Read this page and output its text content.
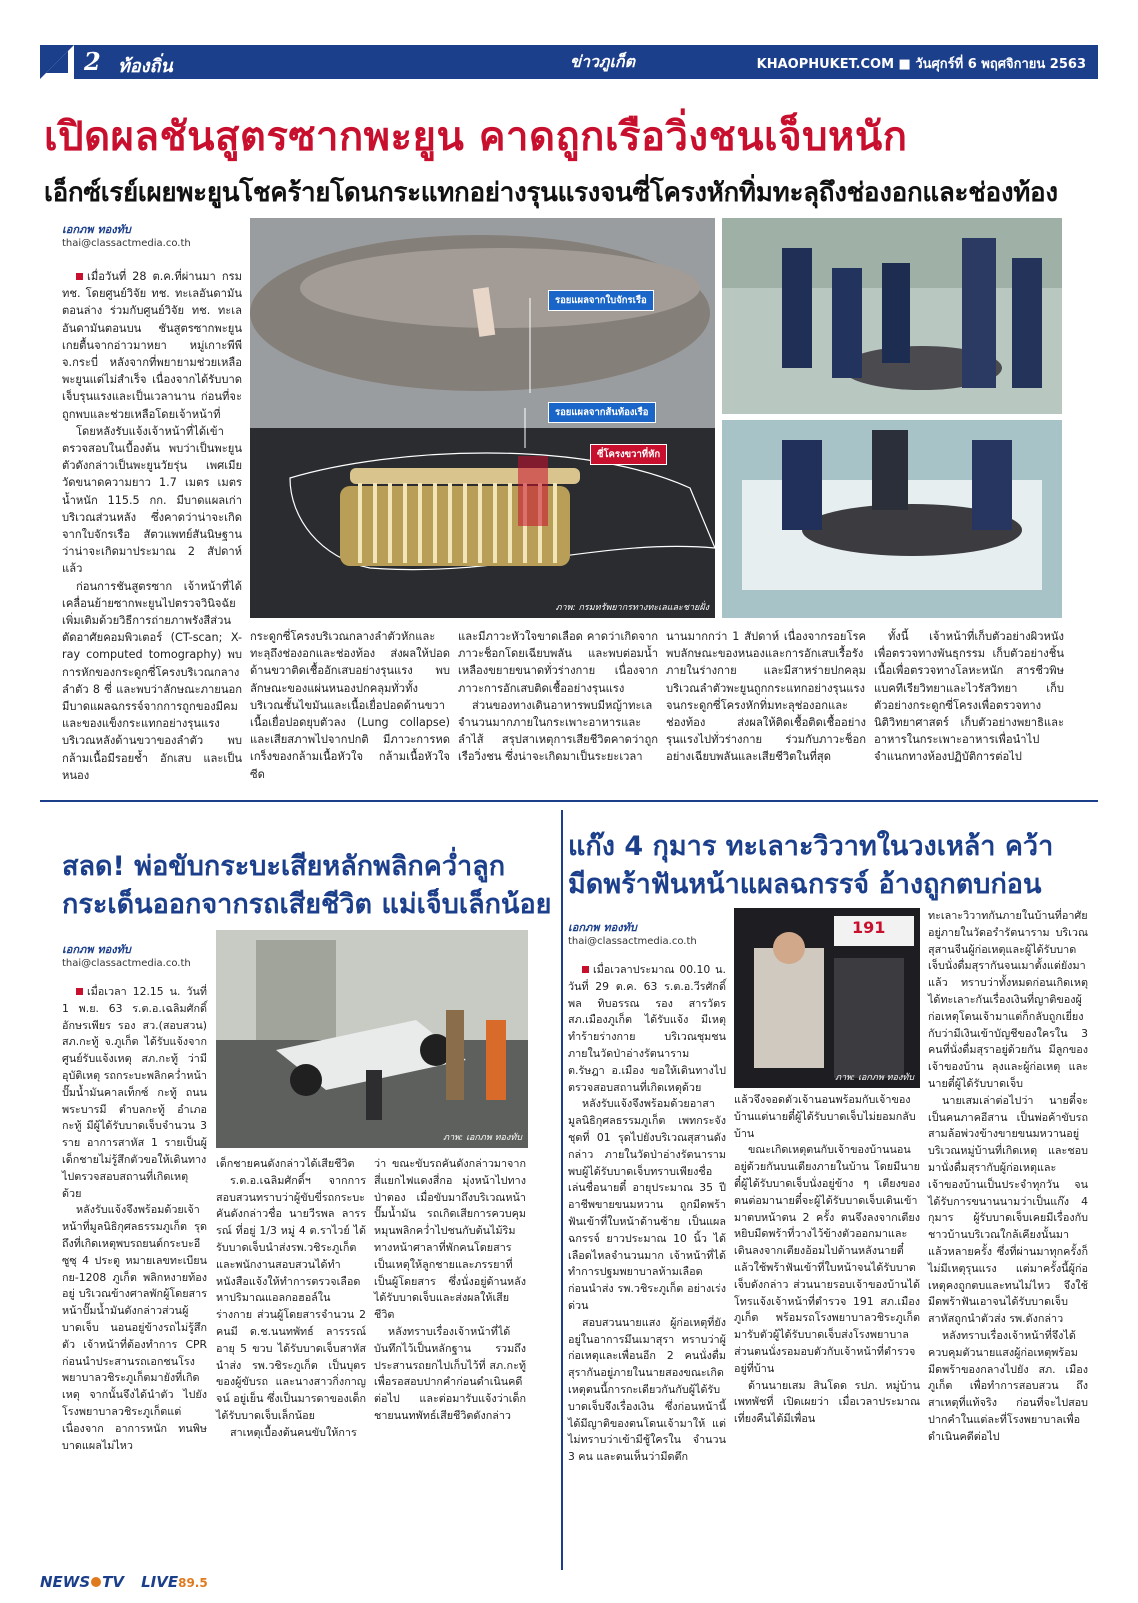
2 ท้องถิ่น	ข่าวภูเก็ต	KHAOPHUKET.COM ■ วันศุกร์ที่ 6 พฤศจิกายน 2563
เปิดผลชันสูตรซากพะยูน คาดถูกเรือวิ่งชนเจ็บหนัก
เอ็กซ์เรย์เผยพะยูนโชคร้ายโดนกระแทกอย่างรุนแรงจนซี่โครงหักทิ่มทะลุถึงช่องอกและช่องท้อง
เอกภพ ทองทับ
thai@classactmedia.co.th

เมื่อวันที่ 28 ต.ค.ที่ผ่านมา กรม ทช. โดยศูนย์วิจัย ทช. ทะเลอันดามันตอนล่าง ร่วมกับศูนย์วิจัย ทช. ทะเลอันดามันตอนบน ชันสูตรซากพะยูนเกยตื้นจากอ่าวมาหยา หมู่เกาะพีพี จ.กระบี่ หลังจากที่พยายามช่วยเหลือพะยูนแต่ไม่สำเร็จ เนื่องจากได้รับบาดเจ็บรุนแรงและเป็นเวลานาน ก่อนที่จะถูกพบและช่วยเหลือโดยเจ้าหน้าที่

โดยหลังรับแจ้งเจ้าหน้าที่ได้เข้าตรวจสอบในเบื้องต้น พบว่าเป็นพะยูนตัวดังกล่าวเป็นพะยูนวัยรุ่น เพศเมีย วัดขนาดความยาว 1.7 เมตร เมตร น้ำหนัก 115.5 กก. มีบาดแผลเก่าบริเวณส่วนหลัง ซึ่งคาดว่าน่าจะเกิดจากใบจักรเรือ สัตวแพทย์สันนิษฐานว่าน่าจะเกิดมาประมาณ 2 สัปดาห์แล้ว

ก่อนการชันสูตรซาก เจ้าหน้าที่ได้เคลื่อนย้ายซากพะยูนไปตรวจวินิจฉัยเพิ่มเติมด้วยวิธีการถ่ายภาพรังสีส่วนตัดอาศัยคอมพิวเตอร์ (CT-scan; X-ray computed tomography) พบการหักของกระดูกซี่โครงบริเวณกลางลำตัว 8 ซี่ และพบว่าลักษณะภายนอกมีบาดแผลฉกรรจ์จากการถูกของมีคมและของแข็งกระแทกอย่างรุนแรง บริเวณหลังด้านขวาของลำตัว พบกล้ามเนื้อมีรอยช้ำ อักเสบ และเป็นหนอง

รอยแผลจากใบจักรเรือ
รอยแผลจากส้นท้องเรือ
ซี่โครงขวาที่หัก
ภาพ: กรมทรัพยากรทางทะเลและชายฝั่ง

กระดูกซี่โครงบริเวณกลางลำตัวหักและทะลุถึงช่องอกและช่องท้อง ส่งผลให้ปอดด้านขวาติดเชื้ออักเสบอย่างรุนแรง พบลักษณะของแผ่นหนองปกคลุมทั่วทั้งบริเวณชั้นไขมันและเนื้อเยื่อปอดด้านขวาเนื้อเยื่อปอดยุบตัวลง (Lung collapse) และเสียสภาพไปจากปกติ มีภาวะการหดเกร็งของกล้ามเนื้อหัวใจ กล้ามเนื้อหัวใจซีด

และมีภาวะหัวใจขาดเลือด คาดว่าเกิดจากภาวะช็อกโดยเฉียบพลัน และพบต่อมน้ำเหลืองขยายขนาดทั่วร่างกาย เนื่องจากภาวะการอักเสบติดเชื้ออย่างรุนแรง

ส่วนของทางเดินอาหารพบมีหญ้าทะเลจำนวนมากภายในกระเพาะอาหารและลำไส้ สรุปสาเหตุการเสียชีวิตคาดว่าถูกเรือวิ่งชน ซึ่งน่าจะเกิดมาเป็นระยะเวลา

นานมากกว่า 1 สัปดาห์ เนื่องจากรอยโรคพบลักษณะของหนองและการอักเสบเรื้อรังภายในร่างกาย และมีสาหร่ายปกคลุมบริเวณลำตัวพะยูนถูกกระแทกอย่างรุนแรงจนกระดูกซี่โครงหักทิ่มทะลุช่องอกและช่องท้อง ส่งผลให้ติดเชื้อติดเชื้ออย่างรุนแรงไปทั่วร่างกาย ร่วมกับภาวะช็อกอย่างเฉียบพลันและเสียชีวิตในที่สุด

ทั้งนี้ เจ้าหน้าที่เก็บตัวอย่างผิวหนังเพื่อตรวจทางพันธุกรรม เก็บตัวอย่างชิ้นเนื้อเพื่อตรวจทางโลหะหนัก สารชีวพิษ แบคทีเรียวิทยาและไวรัสวิทยา เก็บตัวอย่างกระดูกซี่โครงเพื่อตรวจทางนิติวิทยาศาสตร์ เก็บตัวอย่างพยาธิและอาหารในกระเพาะอาหารเพื่อนำไปจำแนกทางห้องปฏิบัติการต่อไป

สลด! พ่อขับกระบะเสียหลักพลิกคว่ำลูกกระเด็นออกจากรถเสียชีวิต แม่เจ็บเล็กน้อย
เอกภพ ทองทับ
thai@classactmedia.co.th

เมื่อเวลา 12.15 น. วันที่ 1 พ.ย. 63 ร.ต.อ.เฉลิมศักดิ์ อักษรเพียร รอง สว.(สอบสวน) สภ.กะทู้ จ.ภูเก็ต ได้รับแจ้งจากศูนย์รับแจ้งเหตุ สภ.กะทู้ ว่ามีอุบัติเหตุ รถกระบะพลิกคว่ำหน้าปั๊มน้ำมันคาลเท็กซ์ กะทู้ ถนนพระบารมี ตำบลกะทู้ อำเภอกะทู้ มีผู้ได้รับบาดเจ็บจำนวน 3 ราย อาการสาหัส 1 รายเป็นผู้เด็กชายไม่รู้สึกตัวขอให้เดินทางไปตรวจสอบสถานที่เกิดเหตุด้วย

หลังรับแจ้งจึงพร้อมด้วยเจ้าหน้าที่มูลนิธิกุศลธรรมภูเก็ต รุดถึงที่เกิดเหตุพบรถยนต์กระบะอีซูซุ 4 ประตู หมายเลขทะเบียน กย-1208 ภูเก็ต พลิกหงายท้องอยู่ บริเวณข้างศาลพักผู้โดยสารหน้าปั๊มน้ำมันดังกล่าวส่วนผู้บาดเจ็บ นอนอยู่ข้างรถไม่รู้สึกตัว เจ้าหน้าที่ต้องทำการ CPR ก่อนนำประสานรถเอกชนโรงพยาบาลวชิระภูเก็ตมายังที่เกิดเหตุ จากนั้นจึงได้นำตัว ไปยังโรงพยาบาลวชิระภูเก็ตแต่เนื่องจาก อาการหนัก ทนพิษบาดแผลไม่ไหว

ภาพ: เอกภพ ทองทับ

เด็กชายคนดังกล่าวได้เสียชีวิต

ร.ต.อ.เฉลิมศักดิ์ฯ จากการสอบสวนทราบว่าผู้ขับขี่รถกระบะคันดังกล่าวชื่อ นายวีรพล ลารรรณ์ ที่อยู่ 1/3 หมู่ 4 ต.ราไวย์ ได้รับบาดเจ็บนำส่งรพ.วชิระภูเก็ต และพนักงานสอบสวนได้ทำหนังสือแจ้งให้ทำการตรวจเลือดหาปริมาณแอลกอฮอล์ในร่างกาย ส่วนผู้โดยสารจำนวน 2 คนมี ด.ช.นนทพัทธ์ ลารรรณ์ อายุ 5 ขวบ ได้รับบาดเจ็บสาหัส นำส่ง รพ.วชิระภูเก็ต เป็นบุตรของผู้ขับรถ และนางสาวกิ่งกาญจน์ อยู่เย็น ซึ่งเป็นมารดาของเด็กได้รับบาดเจ็บเล็กน้อย

สาเหตุเบื้องต้นคนขับให้การ

ว่า ขณะขับรถคันดังกล่าวมาจากสี่แยกไฟแดงสี่กอ มุ่งหน้าไปทางป่าตอง เมื่อขับมาถึงบริเวณหน้าปั๊มน้ำมัน รถเกิดเสียการควบคุมหมุนพลิกคว่ำไปชนกับต้นไม้ริมทางหน้าศาลาที่พักคนโดยสาร เป็นเหตุให้ลูกชายและภรรยาที่เป็นผู้โดยสาร ซึ่งนั่งอยู่ด้านหลังได้รับบาดเจ็บและส่งผลให้เสียชีวิต

หลังทราบเรื่องเจ้าหน้าที่ได้บันทึกไว้เป็นหลักฐาน รวมถึงประสานรถยกไปเก็บไว้ที่ สภ.กะทู้ เพื่อรอสอบปากคำก่อนดำเนินคดีต่อไป และต่อมารับแจ้งว่าเด็กชายนนทพัทธ์เสียชีวิตดังกล่าว

แก๊ง 4 กุมาร ทะเลาะวิวาทในวงเหล้า คว้ามีดพร้าฟันหน้าแผลฉกรรจ์ อ้างถูกตบก่อน
เอกภพ ทองทับ
thai@classactmedia.co.th

เมื่อเวลาประมาณ 00.10 น. วันที่ 29 ต.ค. 63 ร.ต.อ.วีรศักดิ์พล ทิบอรรณ รอง สารวัตร สภ.เมืองภูเก็ต ได้รับแจ้ง มีเหตุทำร้ายร่างกาย บริเวณชุมชน ภายในวัดป่าอ่างรัตนาราม ต.รัษฎา อ.เมือง ขอให้เดินทางไปตรวจสอบสถานที่เกิดเหตุด้วย

หลังรับแจ้งจึงพร้อมด้วยอาสามูลนิธิกุศลธรรมภูเก็ต เพทกระจัง ชุดที่ 01 รุดไปยังบริเวณสุสานดังกล่าว ภายในวัดป่าอ่างรัตนาราม พบผู้ได้รับบาดเจ็บทราบเพียงชื่อเล่นชื่อนายตี๋ อายุประมาณ 35 ปี อาชีพขายขนมหวาน ถูกมีดพร้าฟันเข้าที่ใบหน้าด้านซ้าย เป็นแผลฉกรรจ์ ยาวประมาณ 10 นิ้ว ได้ เลือดไหลจำนวนมาก เจ้าหน้าที่ได้ทำการปฐมพยาบาลห้ามเลือด ก่อนนำส่ง รพ.วชิระภูเก็ต อย่างเร่งด่วน

สอบสวนนายแสง ผู้ก่อเหตุที่ยังอยู่ในอาการมึนเมาสุรา ทราบว่าผู้ก่อเหตุและเพื่อนอีก 2 คนนั่งดื่มสุรากันอยู่ภายในนายสองขณะเกิดเหตุตนนี้การกะเดียวกันกับผู้ได้รับบาดเจ็บจึงเรื่องเงิน ซึ่งก่อนหน้านี้ได้มีญาติของตนโดนเจ้ามาให้ แต่ไม่ทราบว่าเข้ามีชู้ใครใน จำนวน 3 คน และตนเห็นว่ามีดตึก

191
ภาพ: เอกภพ ทองทับ

แล้วจึงจอดตัวเจ้านอนพร้อมกับเจ้าของบ้านแต่นายตี๋ผู้ได้รับบาดเจ็บไม่ยอมกลับบ้าน

ขณะเกิดเหตุตนกับเจ้าของบ้านนอนอยู่ด้วยกันบนเตียงภายในบ้าน โดยมีนายตี๋ผู้ได้รับบาดเจ็บนั่งอยู่ข้าง ๆ เตียงของตนต่อมานายตี๋จะผู้ได้รับบาดเจ็บเดินเข้ามาตบหน้าตน 2 ครั้ง ตนจึงลงจากเตียงหยิบมีดพร้าที่วางไว้ข้างตัวออกมาและเดินลงจากเตียงอ้อมไปด้านหลังนายตี๋ แล้วใช้พร้าฟันเข้าที่ใบหน้าจนได้รับบาดเจ็บดังกล่าว ส่วนนายรอบเจ้าของบ้านได้โทรแจ้งเจ้าหน้าที่ตำรวจ 191 สภ.เมืองภูเก็ต พร้อมรถโรงพยาบาลวชิระภูเก็ต มารับตัวผู้ได้รับบาดเจ็บส่งโรงพยาบาล ส่วนตนนั่งรอมอบตัวกับเจ้าหน้าที่ตำรวจอยู่ที่บ้าน

ด้านนายเสม สินโดด รปภ. หมู่บ้านเพทพัชที่ เปิดเผยว่า เมื่อเวลาประมาณเที่ยงคืนได้มีเพื่อน

ทะเลาะวิวาทกันภายในบ้านที่อาศัยอยู่ภายในวัดอรำรัตนาราม บริเวณสุสานจีนผู้ก่อเหตุและผู้ได้รับบาดเจ็บนั่งดื่มสุรากันจนเมาตั้งแต่ยังมาแล้ว ทราบว่าทั้งหมดก่อนเกิดเหตุได้ทะเลาะกันเรื่องเงินที่ญาติของผู้ก่อเหตุโดนเจ้ามาแต่ก็กลับถูกเยี่ยงกับว่ามีเงินเข้าบัญชีของใครใน 3 คนที่นั่งดื่มสุราอยู่ด้วยกัน มีลูกของเจ้าของบ้าน ลุงและผู้ก่อเหตุ และนายตี๋ผู้ได้รับบาดเจ็บ

นายเสมเล่าต่อไปว่า นายตี๋จะเป็นคนภาคอีสาน เป็นพ่อค้าขับรถสามล้อพ่วงข้างขายขนมหวานอยู่บริเวณหมู่บ้านที่เกิดเหตุ และชอบมานั่งดื่มสุรากับผู้ก่อเหตุและเจ้าของบ้านเป็นประจำทุกวัน จนได้รับการขนานนามว่าเป็นแก๊ง 4 กุมาร ผู้รับบาดเจ็บเคยมีเรื่องกับชาวบ้านบริเวณใกล้เคียงนั้นมาแล้วหลายครั้ง ซึ่งที่ผ่านมาทุกครั้งก็ไม่มีเหตุรุนแรง แต่มาครั้งนี้ผู้ก่อเหตุคงถูกตบและทนไม่ไหว จึงใช้มีดพร้าฟันเอาจนได้รับบาดเจ็บสาหัสถูกนำตัวส่ง รพ.ดังกล่าว

หลังทราบเรื่องเจ้าหน้าที่จึงได้ควบคุมตัวนายแสงผู้ก่อเหตุพร้อมมีดพร้าของกลางไปยัง สภ. เมืองภูเก็ต เพื่อทำการสอบสวน ถึงสาเหตุที่แท้จริง ก่อนที่จะไปสอบปากคำในแต่ละที่โรงพยาบาลเพื่อดำเนินคดีต่อไป

NEWS TV LIVE89.5
